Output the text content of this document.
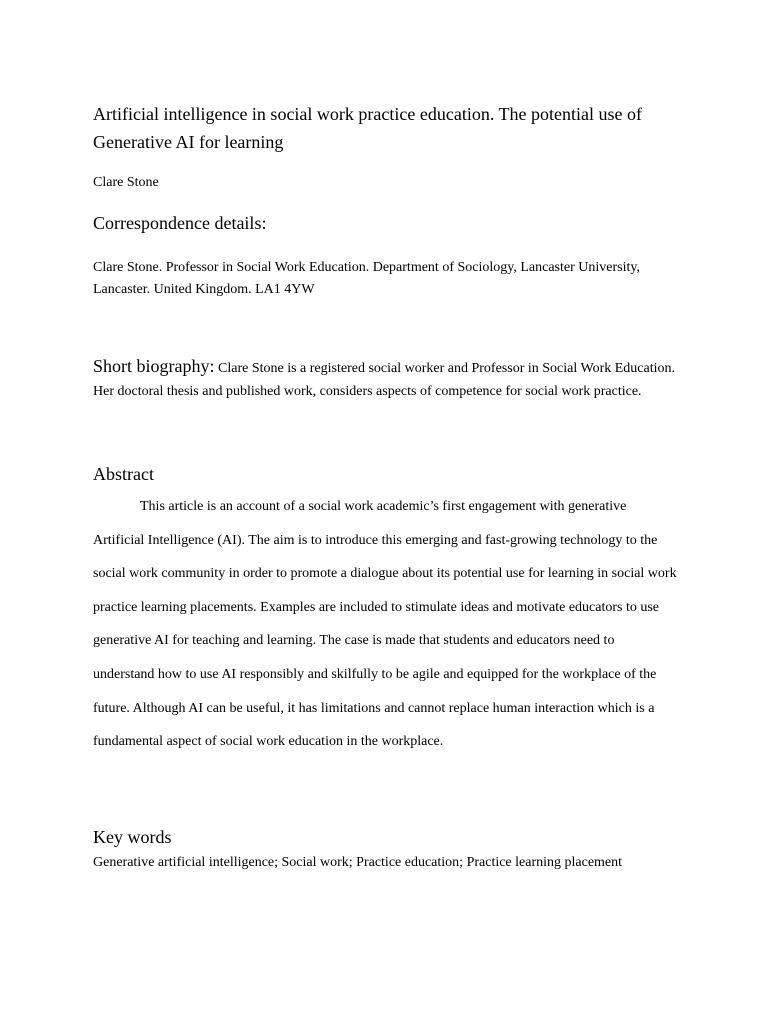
Artificial intelligence in social work practice education. The potential use of Generative AI for learning

Clare Stone

Correspondence details:

Clare Stone. Professor in Social Work Education. Department of Sociology, Lancaster University, Lancaster. United Kingdom. LA1 4YW

Short biography: Clare Stone is a registered social worker and Professor in Social Work Education. Her doctoral thesis and published work, considers aspects of competence for social work practice.

Abstract

This article is an account of a social work academic’s first engagement with generative Artificial Intelligence (AI). The aim is to introduce this emerging and fast-growing technology to the social work community in order to promote a dialogue about its potential use for learning in social work practice learning placements. Examples are included to stimulate ideas and motivate educators to use generative AI for teaching and learning. The case is made that students and educators need to understand how to use AI responsibly and skilfully to be agile and equipped for the workplace of the future. Although AI can be useful, it has limitations and cannot replace human interaction which is a fundamental aspect of social work education in the workplace.

Key words

Generative artificial intelligence; Social work; Practice education; Practice learning placement
